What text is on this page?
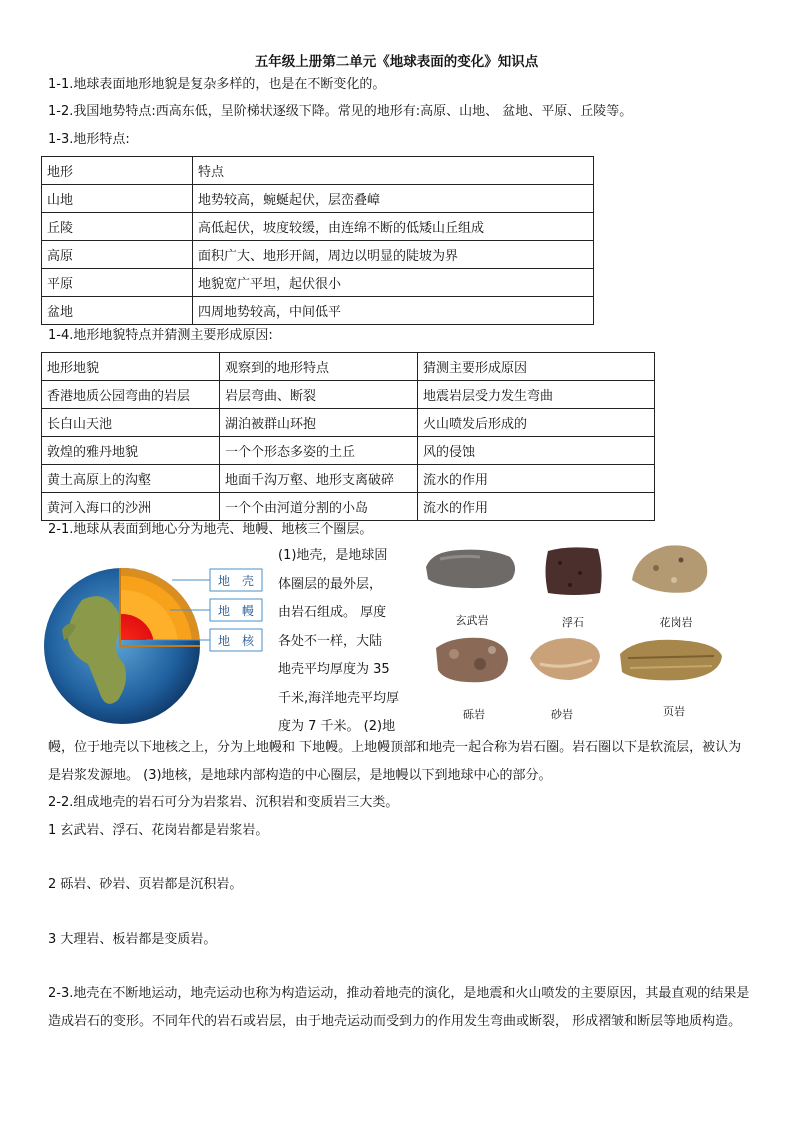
五年级上册第二单元《地球表面的变化》知识点
1-1.地球表面地形地貌是复杂多样的，也是在不断变化的。
1-2.我国地势特点:西高东低，呈阶梯状逐级下降。常见的地形有:高原、山地、 盆地、平原、丘陵等。
1-3.地形特点:
地形	特点
山地	地势较高，蜿蜒起伏，层峦叠嶂
丘陵	高低起伏，坡度较缓，由连绵不断的低矮山丘组成
高原	面积广大、地形开阔，周边以明显的陡坡为界
平原	地貌宽广平坦，起伏很小
盆地	四周地势较高，中间低平
1-4.地形地貌特点并猜测主要形成原因:
地形地貌	观察到的地形特点	猜测主要形成原因
香港地质公园弯曲的岩层	岩层弯曲、断裂	地震岩层受力发生弯曲
长白山天池	湖泊被群山环抱	火山喷发后形成的
敦煌的雅丹地貌	一个个形态多姿的土丘	风的侵蚀
黄土高原上的沟壑	地面千沟万壑、地形支离破碎	流水的作用
黄河入海口的沙洲	一个个由河道分割的小岛	流水的作用
2-1.地球从表面到地心分为地壳、地幔、地核三个圈层。
地　壳
地　幔
地　核
(1)地壳，是地球固
体圈层的最外层，
由岩石组成。 厚度
各处不一样，大陆
地壳平均厚度为 35
千米,海洋地壳平均厚
度为 7 千米。 (2)地
玄武岩	浮石	花岗岩
砾岩	砂岩	页岩
幔，位于地壳以下地核之上，分为上地幔和 下地幔。上地幔顶部和地壳一起合称为岩石圈。岩石圈以下是软流层，被认为是岩浆发源地。 (3)地核，是地球内部构造的中心圈层，是地幔以下到地球中心的部分。
2-2.组成地壳的岩石可分为岩浆岩、沉积岩和变质岩三大类。
1 玄武岩、浮石、花岗岩都是岩浆岩。
2 砾岩、砂岩、页岩都是沉积岩。
3 大理岩、板岩都是变质岩。
2-3.地壳在不断地运动，地壳运动也称为构造运动，推动着地壳的演化，是地震和火山喷发的主要原因，其最直观的结果是造成岩石的变形。不同年代的岩石或岩层，由于地壳运动而受到力的作用发生弯曲或断裂， 形成褶皱和断层等地质构造。
